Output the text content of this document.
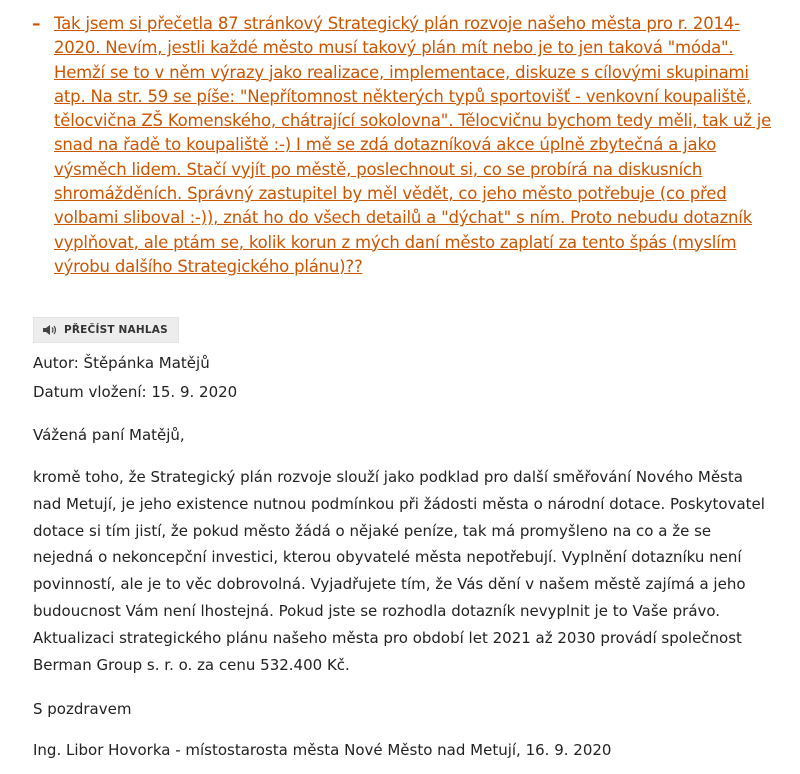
– Tak jsem si přečetla 87 stránkový Strategický plán rozvoje našeho města pro r. 2014-2020. Nevím, jestli každé město musí takový plán mít nebo je to jen taková "móda". Hemží se to v něm výrazy jako realizace, implementace, diskuze s cílovými skupinami atp. Na str. 59 se píše: "Nepřítomnost některých typů sportovišť - venkovní koupaliště, tělocvična ZŠ Komenského, chátrající sokolovna". Tělocvičnu bychom tedy měli, tak už je snad na řadě to koupaliště :-) I mě se zdá dotazníková akce úplně zbytečná a jako výsměch lidem. Stačí vyjít po městě, poslechnout si, co se probírá na diskusních shromážděních. Správný zastupitel by měl vědět, co jeho město potřebuje (co před volbami sliboval :-)), znát ho do všech detailů a "dýchat" s ním. Proto nebudu dotazník vyplňovat, ale ptám se, kolik korun z mých daní město zaplatí za tento špás (myslím výrobu dalšího Strategického plánu)??
PŘEČÍST NAHLAS
Autor: Štěpánka Matějů
Datum vložení: 15. 9. 2020

Vážená paní Matějů,

kromě toho, že Strategický plán rozvoje slouží jako podklad pro další směřování Nového Města nad Metují, je jeho existence nutnou podmínkou při žádosti města o národní dotace. Poskytovatel dotace si tím jistí, že pokud město žádá o nějaké peníze, tak má promyšleno na co a že se nejedná o nekoncepční investici, kterou obyvatelé města nepotřebují. Vyplnění dotazníku není povinností, ale je to věc dobrovolná. Vyjadřujete tím, že Vás dění v našem městě zajímá a jeho budoucnost Vám není lhostejná. Pokud jste se rozhodla dotazník nevyplnit je to Vaše právo. Aktualizaci strategického plánu našeho města pro období let 2021 až 2030 provádí společnost Berman Group s. r. o. za cenu 532.400 Kč.

S pozdravem

Ing. Libor Hovorka - místostarosta města Nové Město nad Metují, 16. 9. 2020
